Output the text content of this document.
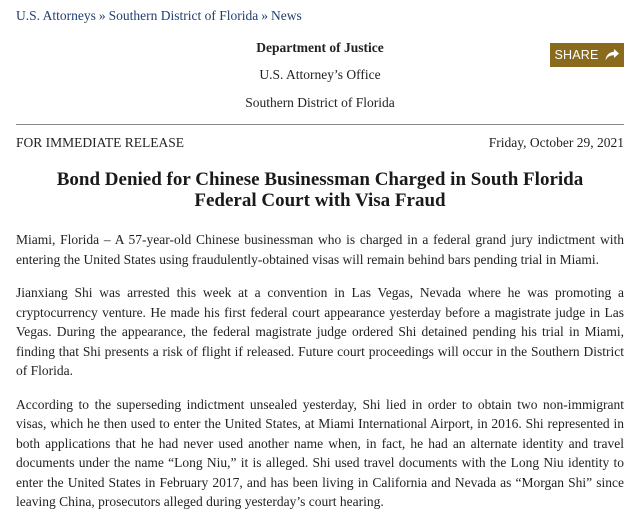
U.S. Attorneys » Southern District of Florida » News
Department of Justice
U.S. Attorney’s Office
Southern District of Florida
SHARE
FOR IMMEDIATE RELEASE	Friday, October 29, 2021
Bond Denied for Chinese Businessman Charged in South Florida Federal Court with Visa Fraud

Miami, Florida – A 57-year-old Chinese businessman who is charged in a federal grand jury indictment with entering the United States using fraudulently-obtained visas will remain behind bars pending trial in Miami.

Jianxiang Shi was arrested this week at a convention in Las Vegas, Nevada where he was promoting a cryptocurrency venture. He made his first federal court appearance yesterday before a magistrate judge in Las Vegas. During the appearance, the federal magistrate judge ordered Shi detained pending his trial in Miami, finding that Shi presents a risk of flight if released. Future court proceedings will occur in the Southern District of Florida.

According to the superseding indictment unsealed yesterday, Shi lied in order to obtain two non-immigrant visas, which he then used to enter the United States, at Miami International Airport, in 2016. Shi represented in both applications that he had never used another name when, in fact, he had an alternate identity and travel documents under the name “Long Niu,” it is alleged. Shi used travel documents with the Long Niu identity to enter the United States in February 2017, and has been living in California and Nevada as “Morgan Shi” since leaving China, prosecutors alleged during yesterday’s court hearing.
